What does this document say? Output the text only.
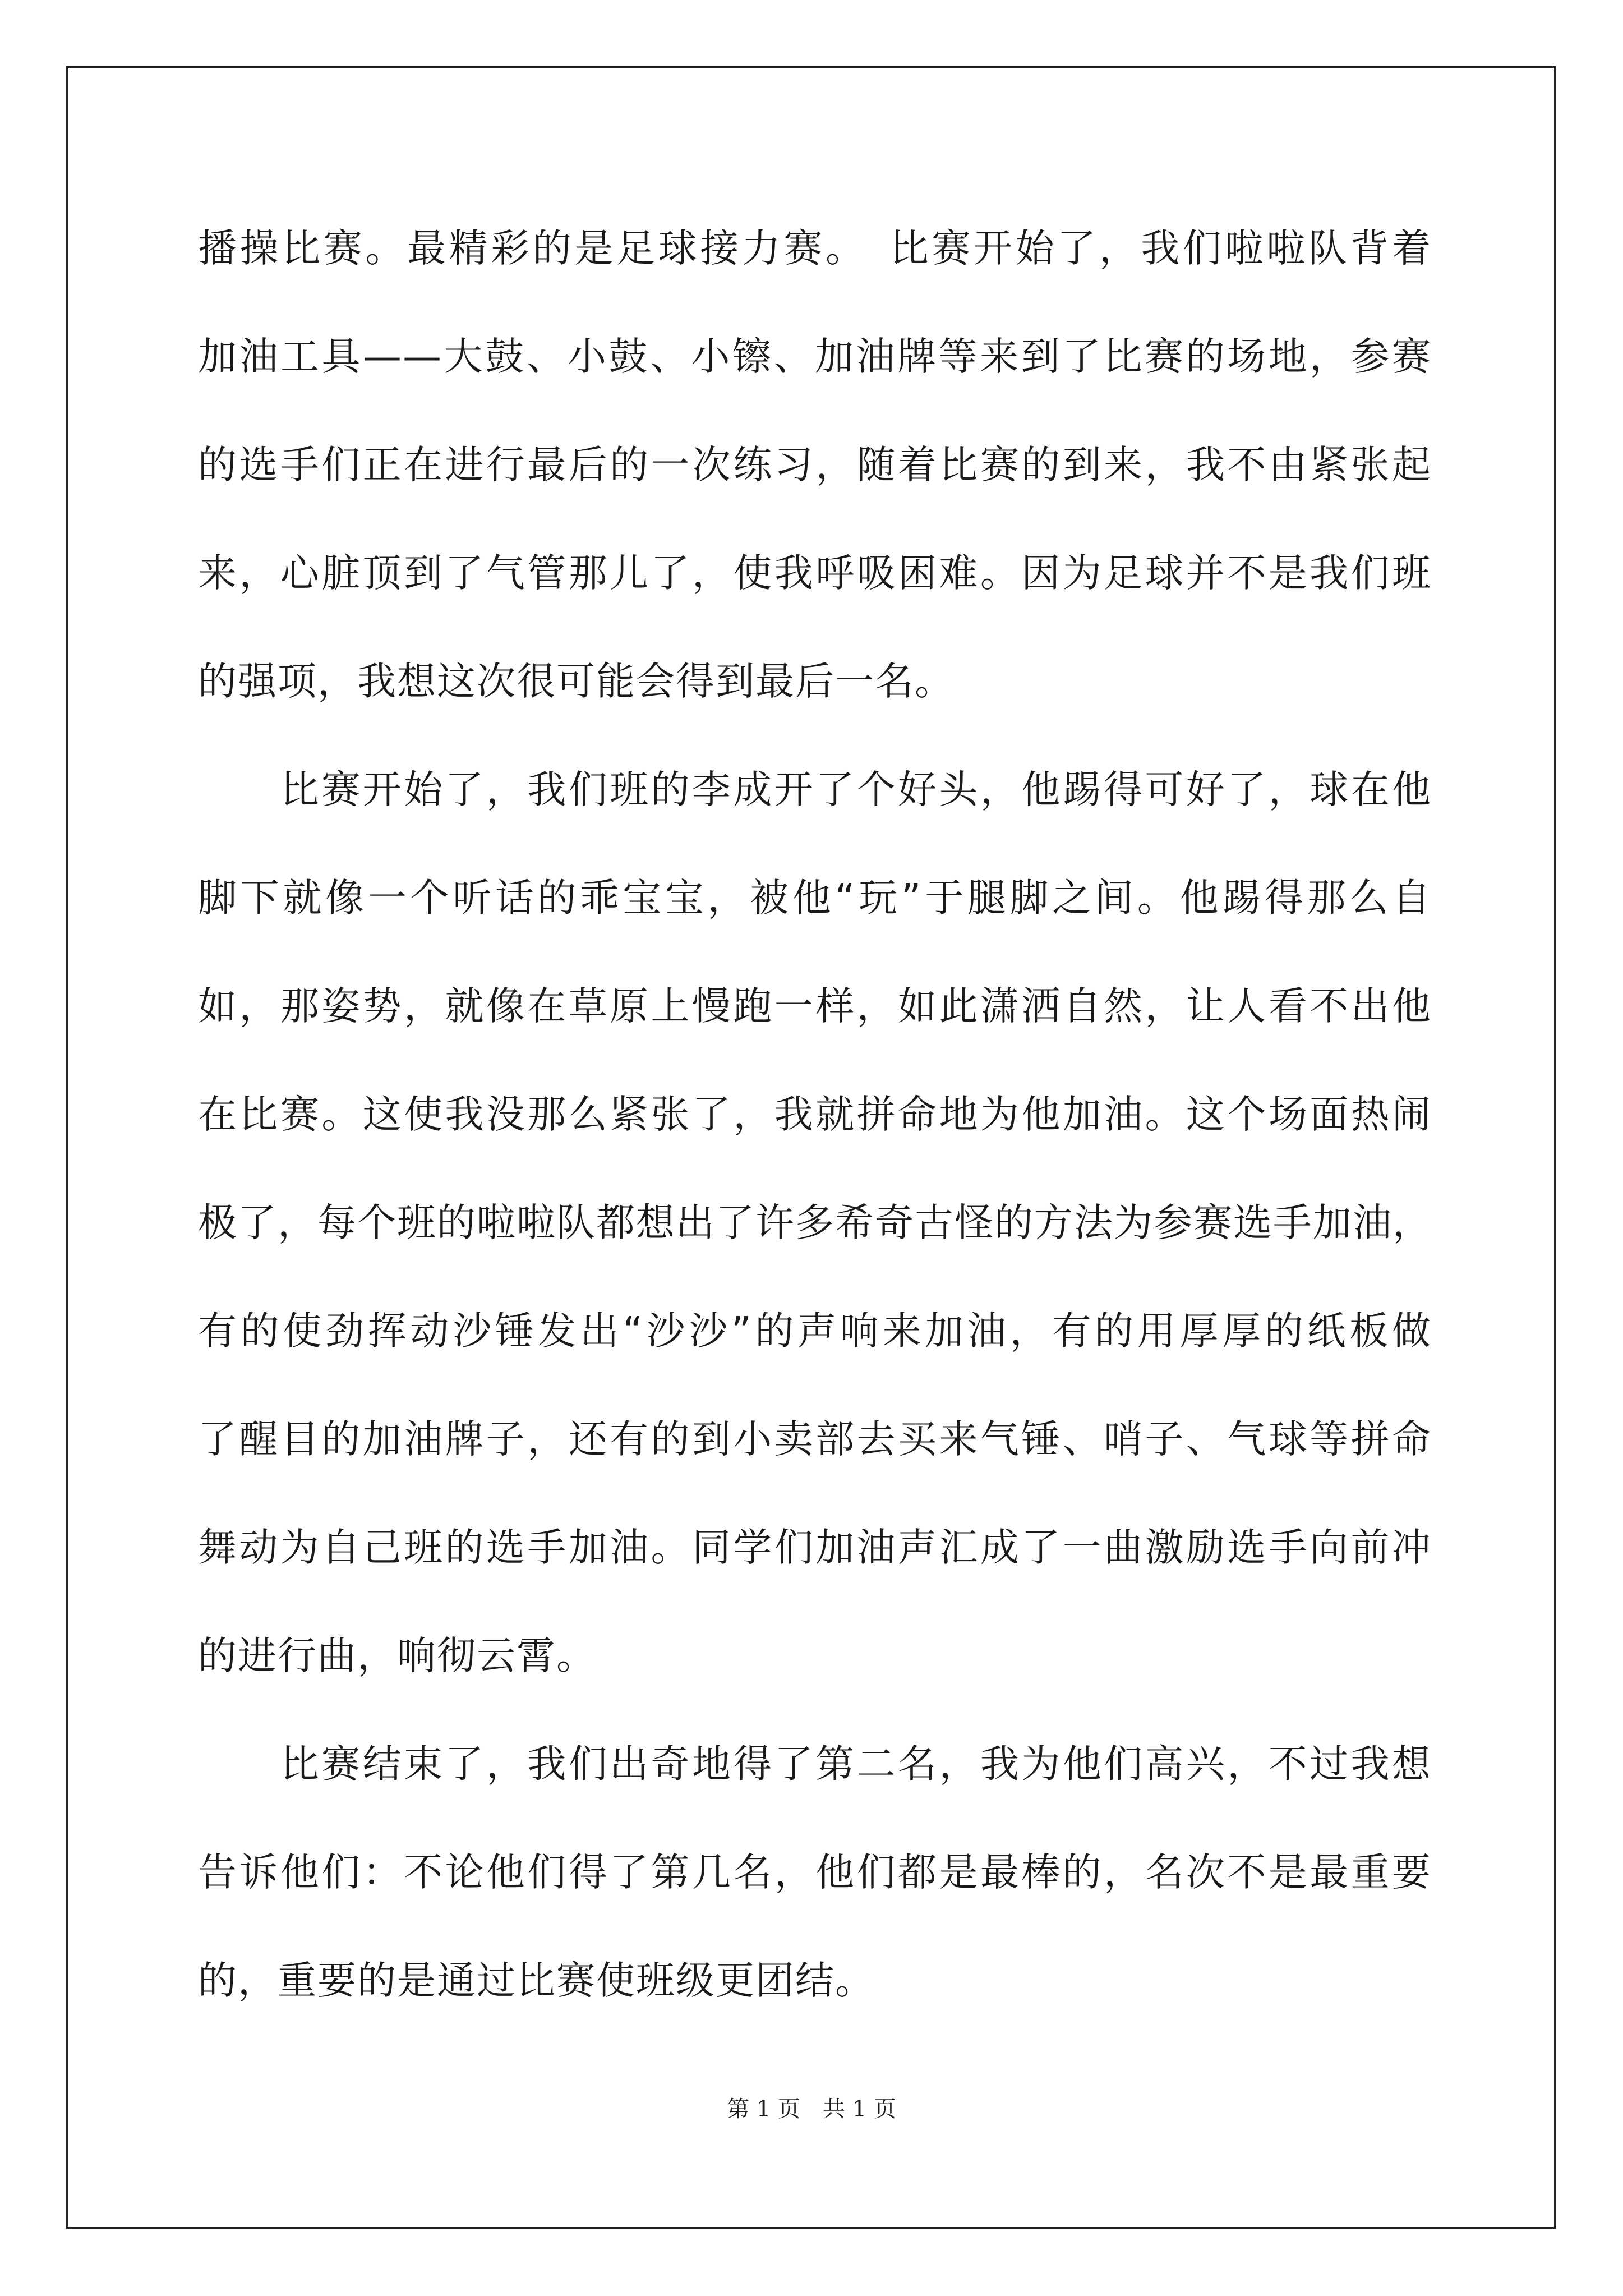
播操比赛。最精彩的是足球接力赛。　比赛开始了，我们啦啦队背着
加油工具——大鼓、小鼓、小镲、加油牌等来到了比赛的场地，参赛
的选手们正在进行最后的一次练习，随着比赛的到来，我不由紧张起
来，心脏顶到了气管那儿了，使我呼吸困难。因为足球并不是我们班
的强项，我想这次很可能会得到最后一名。
　　比赛开始了，我们班的李成开了个好头，他踢得可好了，球在他
脚下就像一个听话的乖宝宝，被他“玩”于腿脚之间。他踢得那么自
如，那姿势，就像在草原上慢跑一样，如此潇洒自然，让人看不出他
在比赛。这使我没那么紧张了，我就拼命地为他加油。这个场面热闹
极了，每个班的啦啦队都想出了许多希奇古怪的方法为参赛选手加油，
有的使劲挥动沙锤发出“沙沙”的声响来加油，有的用厚厚的纸板做
了醒目的加油牌子，还有的到小卖部去买来气锤、哨子、气球等拼命
舞动为自己班的选手加油。同学们加油声汇成了一曲激励选手向前冲
的进行曲，响彻云霄。
　　比赛结束了，我们出奇地得了第二名，我为他们高兴，不过我想
告诉他们：不论他们得了第几名，他们都是最棒的，名次不是最重要
的，重要的是通过比赛使班级更团结。
第 1 页　共 1 页
